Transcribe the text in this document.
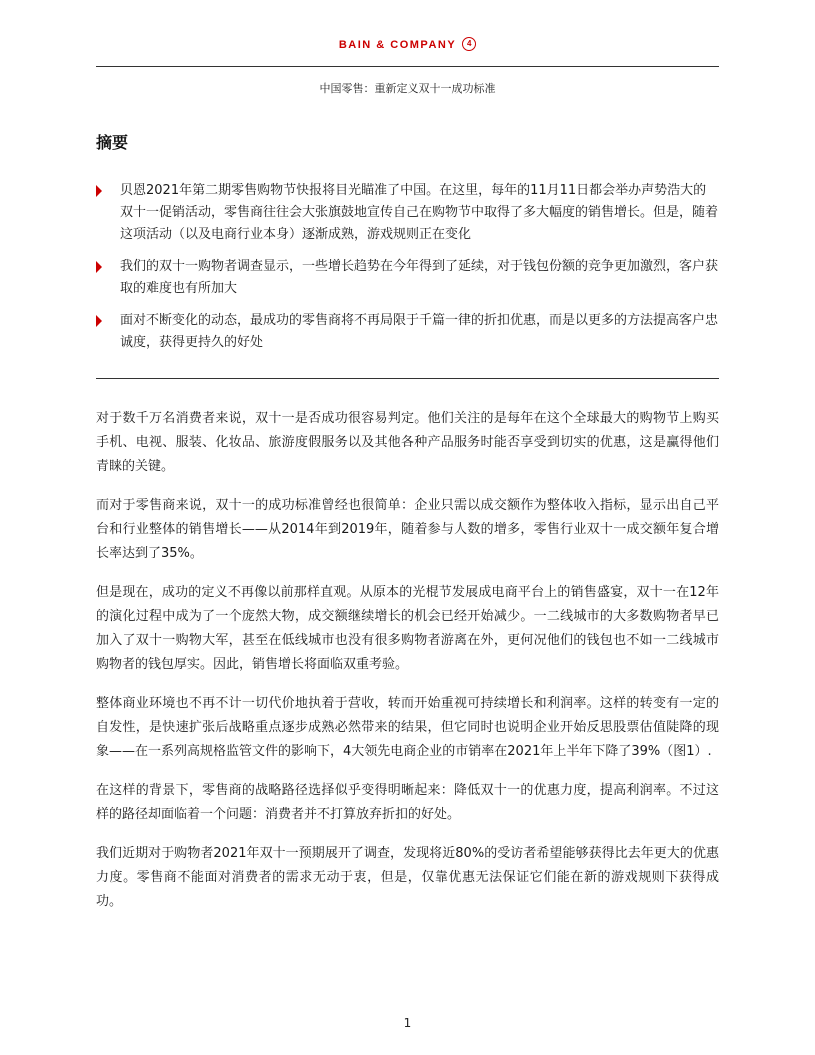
BAIN & COMPANY 4
中国零售：重新定义双十一成功标准
摘要
贝恩2021年第二期零售购物节快报将目光瞄准了中国。在这里，每年的11月11日都会举办声势浩大的双十一促销活动，零售商往往会大张旗鼓地宣传自己在购物节中取得了多大幅度的销售增长。但是，随着这项活动（以及电商行业本身）逐渐成熟，游戏规则正在变化
我们的双十一购物者调查显示，一些增长趋势在今年得到了延续，对于钱包份额的竞争更加激烈，客户获取的难度也有所加大
面对不断变化的动态，最成功的零售商将不再局限于千篇一律的折扣优惠，而是以更多的方法提高客户忠诚度，获得更持久的好处

对于数千万名消费者来说，双十一是否成功很容易判定。他们关注的是每年在这个全球最大的购物节上购买手机、电视、服装、化妆品、旅游度假服务以及其他各种产品服务时能否享受到切实的优惠，这是赢得他们青睐的关键。

而对于零售商来说，双十一的成功标准曾经也很简单：企业只需以成交额作为整体收入指标，显示出自己平台和行业整体的销售增长——从2014年到2019年，随着参与人数的增多，零售行业双十一成交额年复合增长率达到了35%。

但是现在，成功的定义不再像以前那样直观。从原本的光棍节发展成电商平台上的销售盛宴，双十一在12年的演化过程中成为了一个庞然大物，成交额继续增长的机会已经开始减少。一二线城市的大多数购物者早已加入了双十一购物大军，甚至在低线城市也没有很多购物者游离在外，更何况他们的钱包也不如一二线城市购物者的钱包厚实。因此，销售增长将面临双重考验。

整体商业环境也不再不计一切代价地执着于营收，转而开始重视可持续增长和利润率。这样的转变有一定的自发性，是快速扩张后战略重点逐步成熟必然带来的结果，但它同时也说明企业开始反思股票估值陡降的现象——在一系列高规格监管文件的影响下，4大领先电商企业的市销率在2021年上半年下降了39%（图1）.

在这样的背景下，零售商的战略路径选择似乎变得明晰起来：降低双十一的优惠力度，提高利润率。不过这样的路径却面临着一个问题：消费者并不打算放弃折扣的好处。

我们近期对于购物者2021年双十一预期展开了调查，发现将近80%的受访者希望能够获得比去年更大的优惠力度。零售商不能面对消费者的需求无动于衷，但是，仅靠优惠无法保证它们能在新的游戏规则下获得成功。

1
